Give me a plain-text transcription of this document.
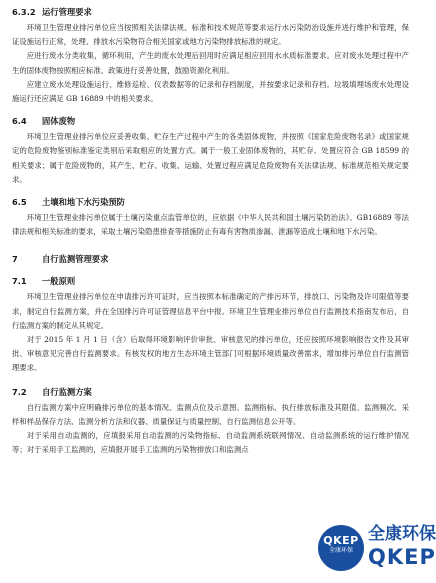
6.3.2 运行管理要求

环境卫生管理业排污单位应当按照相关法律法规、标准和技术规范等要求运行水污染防治设施并进行维护和管理，保证设施运行正常，处理、排放水污染物符合相关国家或地方污染物排放标准的规定。

应进行废水分类收集，循环利用，产生的废水处理后回用时应满足相应回用水水质标准要求。应对废水处理过程中产生的固体废物按照相应标准、政策进行妥善处置，鼓励资源化利用。

应建立废水处理设施运行、维修巡检、仪表数据等的记录和存档制度，并按要求记录和存档。垃圾填埋场废水处理设施运行还应满足 GB 16889 中的相关要求。

6.4 固体废物

环境卫生管理业排污单位应妥善收集、贮存生产过程中产生的各类固体废物，并按照《国家危险废物名录》或国家规定的危险废物鉴别标准鉴定类别后采取相应的处置方式。属于一般工业固体废物的，其贮存、处置应符合 GB 18599 的相关要求；属于危险废物的，其产生、贮存、收集、运输、处置过程应满足危险废物有关法律法规、标准规范相关规定要求。

6.5 土壤和地下水污染预防

环境卫生管理业排污单位属于土壤污染重点监管单位的，应依据《中华人民共和国土壤污染防治法》、GB16889 等法律法规和相关标准的要求，采取土壤污染隐患排查等措施防止有毒有害物质渗漏、泄漏等造成土壤和地下水污染。

7	自行监测管理要求
7.1 一般原则

环境卫生管理业排污单位在申请排污许可证时，应当按照本标准确定的产排污环节，排放口、污染物及许可限值等要求，制定自行监测方案，并在全国排污许可证管理信息平台中报。环境卫生管理业排污单位自行监测技术指南发布后，自行监测方案的制定从其规定。

对于 2015 年 1 月 1 日（含）后取得环境影响评价审批、审核意见的排污单位，还应按照环境影响报告文件及其审批、审核意见完善自行监测要求。有核发权的地方生态环境主管部门可根据环境质量改善需求，增加排污单位自行监测管理要求。

7.2 自行监测方案

自行监测方案中应明确排污单位的基本情况、监测点位及示意图、监测指标、执行排放标准及其限值、监测频次、采样和样品保存方法、监测分析方法和仪器、质量保证与质量控制、自行监测信息公开等。

对于采用自动监测的，应填报采用自动监测的污染物指标、自动监测系统联网情况、自动监测系统的运行维护情况等；对于采用手工监测的，应填报开展手工监测的污染物排放口和监测点

QKEP
全康环保
全康环保
QKEP
